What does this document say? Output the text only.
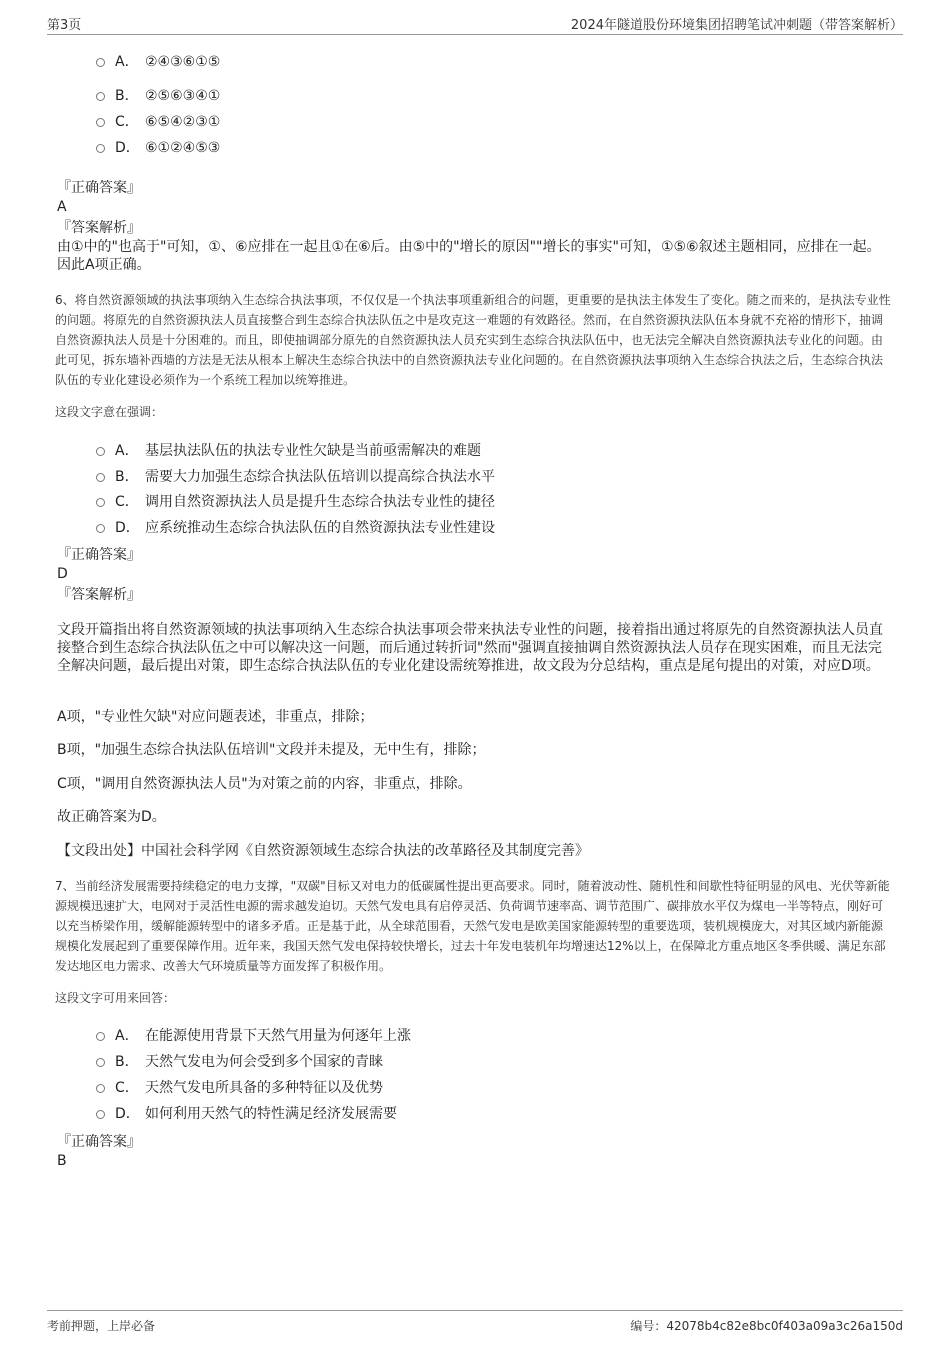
第3页	2024年隧道股份环境集团招聘笔试冲刺题（带答案解析）
A． ②④③⑥①⑤
B． ②⑤⑥③④①
C． ⑥⑤④②③①
D． ⑥①②④⑤③
『正确答案』
A
『答案解析』
由①中的"也高于"可知，①、⑥应排在一起且①在⑥后。由⑤中的"增长的原因""增长的事实"可知，①⑤⑥叙述主题相同，应排在一起。因此A项正确。
6、将自然资源领域的执法事项纳入生态综合执法事项，不仅仅是一个执法事项重新组合的问题，更重要的是执法主体发生了变化。随之而来的，是执法专业性的问题。将原先的自然资源执法人员直接整合到生态综合执法队伍之中是攻克这一难题的有效路径。然而，在自然资源执法队伍本身就不充裕的情形下，抽调自然资源执法人员是十分困难的。而且，即使抽调部分原先的自然资源执法人员充实到生态综合执法队伍中，也无法完全解决自然资源执法专业化的问题。由此可见，拆东墙补西墙的方法是无法从根本上解决生态综合执法中的自然资源执法专业化问题的。在自然资源执法事项纳入生态综合执法之后，生态综合执法队伍的专业化建设必须作为一个系统工程加以统筹推进。
这段文字意在强调：
A． 基层执法队伍的执法专业性欠缺是当前亟需解决的难题
B． 需要大力加强生态综合执法队伍培训以提高综合执法水平
C． 调用自然资源执法人员是提升生态综合执法专业性的捷径
D． 应系统推动生态综合执法队伍的自然资源执法专业性建设
『正确答案』
D
『答案解析』
文段开篇指出将自然资源领域的执法事项纳入生态综合执法事项会带来执法专业性的问题，接着指出通过将原先的自然资源执法人员直接整合到生态综合执法队伍之中可以解决这一问题，而后通过转折词"然而"强调直接抽调自然资源执法人员存在现实困难，而且无法完全解决问题，最后提出对策，即生态综合执法队伍的专业化建设需统筹推进，故文段为分总结构，重点是尾句提出的对策，对应D项。
A项，"专业性欠缺"对应问题表述，非重点，排除；
B项，"加强生态综合执法队伍培训"文段并未提及，无中生有，排除；
C项，"调用自然资源执法人员"为对策之前的内容，非重点，排除。
故正确答案为D。
【文段出处】中国社会科学网《自然资源领域生态综合执法的改革路径及其制度完善》
7、当前经济发展需要持续稳定的电力支撑，"双碳"目标又对电力的低碳属性提出更高要求。同时，随着波动性、随机性和间歇性特征明显的风电、光伏等新能源规模迅速扩大，电网对于灵活性电源的需求越发迫切。天然气发电具有启停灵活、负荷调节速率高、调节范围广、碳排放水平仅为煤电一半等特点，刚好可以充当桥梁作用，缓解能源转型中的诸多矛盾。正是基于此，从全球范围看，天然气发电是欧美国家能源转型的重要选项，装机规模庞大，对其区域内新能源规模化发展起到了重要保障作用。近年来，我国天然气发电保持较快增长，过去十年发电装机年均增速达12%以上，在保障北方重点地区冬季供暖、满足东部发达地区电力需求、改善大气环境质量等方面发挥了积极作用。
这段文字可用来回答：
A． 在能源使用背景下天然气用量为何逐年上涨
B． 天然气发电为何会受到多个国家的青睐
C． 天然气发电所具备的多种特征以及优势
D． 如何利用天然气的特性满足经济发展需要
『正确答案』
B
考前押题，上岸必备	编号：42078b4c82e8bc0f403a09a3c26a150d
